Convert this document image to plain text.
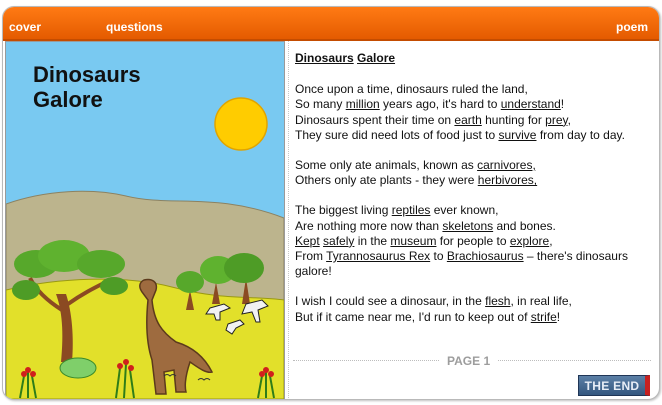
cover	questions	poem
Dinosaurs
Galore
Dinosaurs Galore
Once upon a time, dinosaurs ruled the land,
So many million years ago, it's hard to understand!
Dinosaurs spent their time on earth hunting for prey,
They sure did need lots of food just to survive from day to day.
Some only ate animals, known as carnivores,
Others only ate plants - they were herbivores,
The biggest living reptiles ever known,
Are nothing more now than skeletons and bones.
Kept safely in the museum for people to explore,
From Tyrannosaurus Rex to Brachiosaurus – there's dinosaurs galore!
I wish I could see a dinosaur, in the flesh, in real life,
But if it came near me, I'd run to keep out of strife!
PAGE 1
THE END
